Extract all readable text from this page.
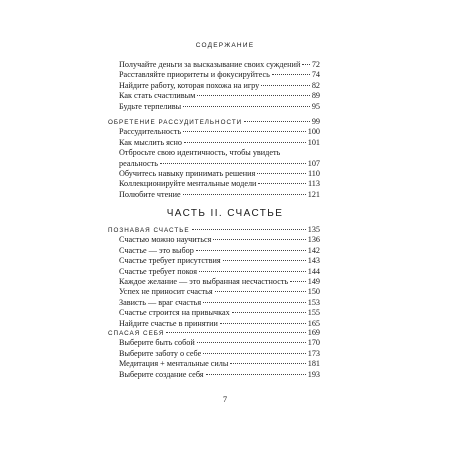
СОДЕРЖАНИЕ
Получайте деньги за высказывание своих суждений 72
Расставляйте приоритеты и фокусируйтесь	74
Найдите работу, которая похожа на игру	82
Как стать счастливым	89
Будьте терпеливы	95
ОБРЕТЕНИЕ РАССУДИТЕЛЬНОСТИ	99
Рассудительность	100
Как мыслить ясно	101
Отбросьте свою идентичность, чтобы увидеть
реальность	107
Обучитесь навыку принимать решения	110
Коллекционируйте ментальные модели	113
Полюбите чтение	121
ЧАСТЬ II. СЧАСТЬЕ
ПОЗНАВАЯ СЧАСТЬЕ	135
Счастью можно научиться	136
Счастье — это выбор	142
Счастье требует присутствия	143
Счастье требует покоя	144
Каждое желание — это выбранная несчастность 149
Успех не приносит счастья	150
Зависть — враг счастья	153
Счастье строится на привычках	155
Найдите счастье в принятии	165
СПАСАЯ СЕБЯ	169
Выберите быть собой	170
Выберите заботу о себе	173
Медитация + ментальные силы	181
Выберите создание себя	193
7
